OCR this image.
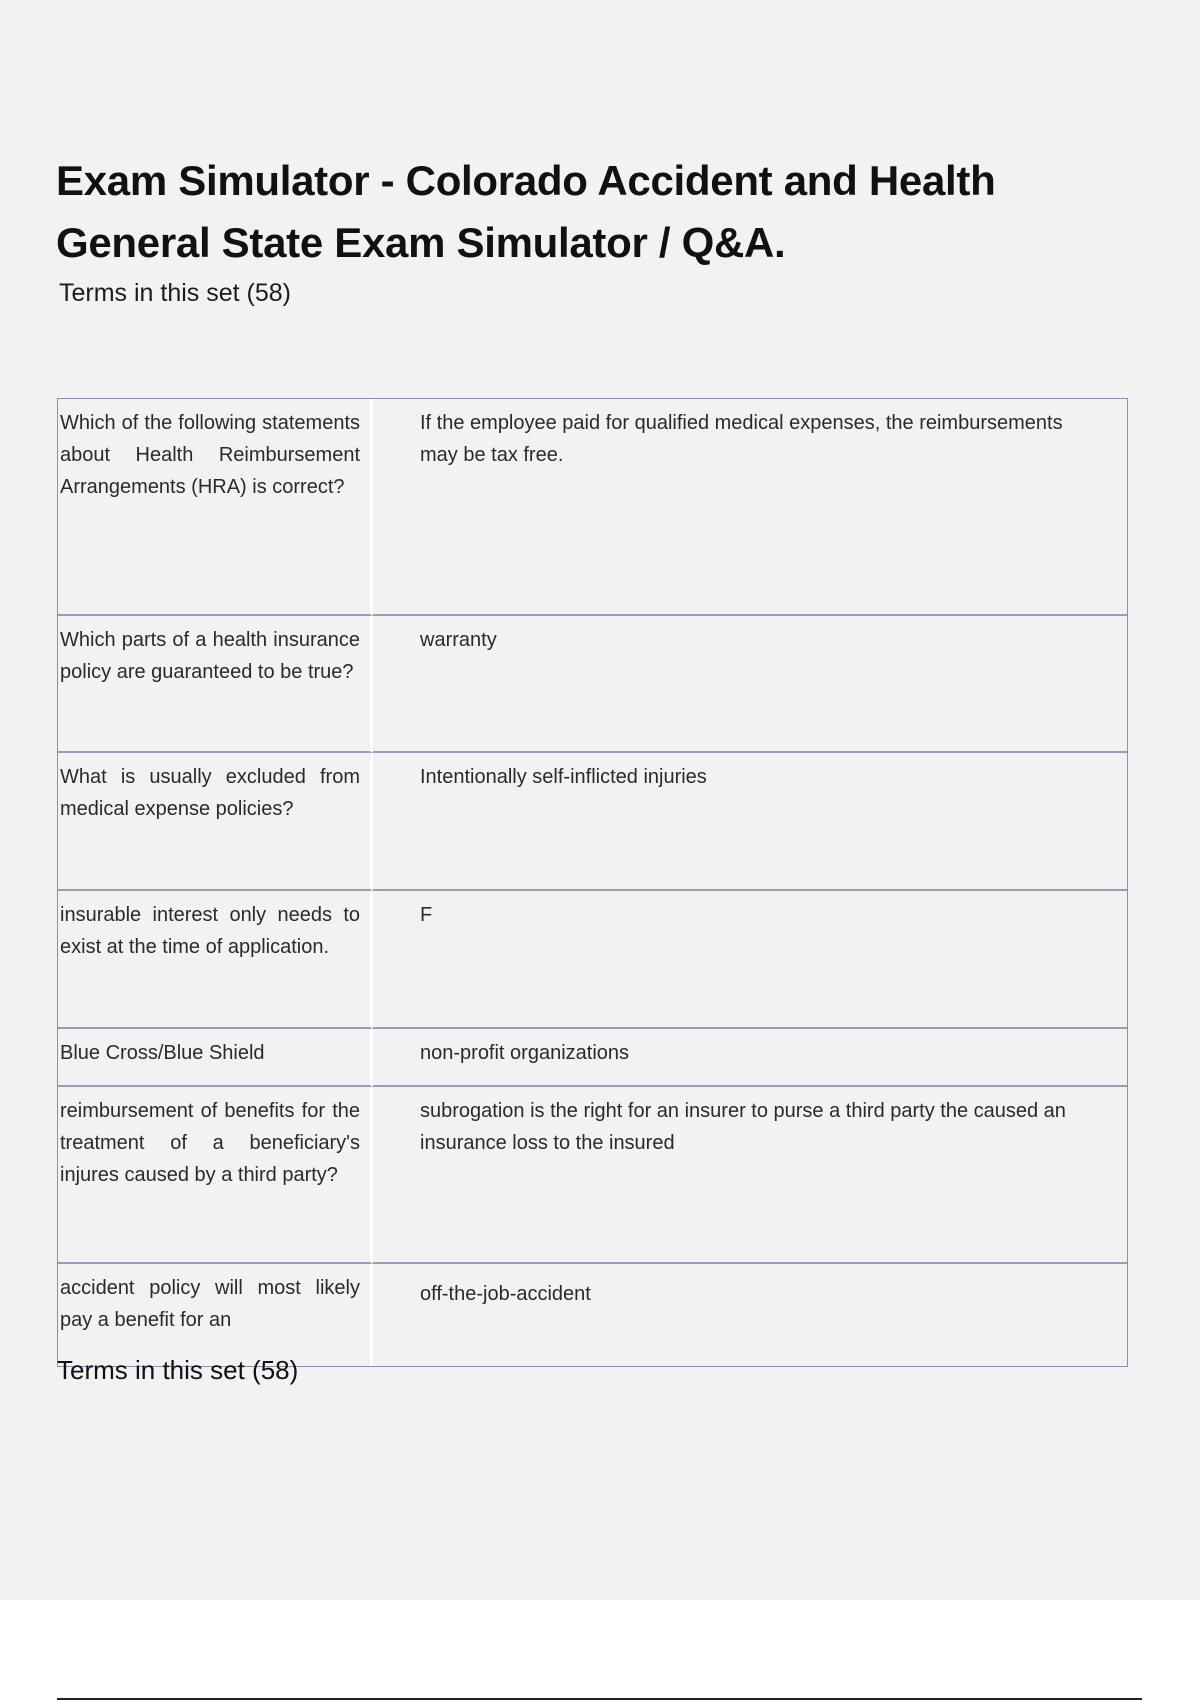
Exam Simulator - Colorado Accident and Health General State Exam Simulator / Q&A.
Terms in this set (58)
Which of the following statements about Health Reimbursement Arrangements (HRA) is correct?	If the employee paid for qualified medical expenses, the reimbursements may be tax free.
Which parts of a health insurance policy are guaranteed to be true?	warranty
What is usually excluded from medical expense policies?	Intentionally self-inflicted injuries
insurable interest only needs to exist at the time of application.	F
Blue Cross/Blue Shield	non-profit organizations
reimbursement of benefits for the treatment of a beneficiary's injures caused by a third party?	subrogation is the right for an insurer to purse a third party the caused an insurance loss to the insured
accident policy will most likely pay a benefit for an	off-the-job-accident
Terms in this set (58)
